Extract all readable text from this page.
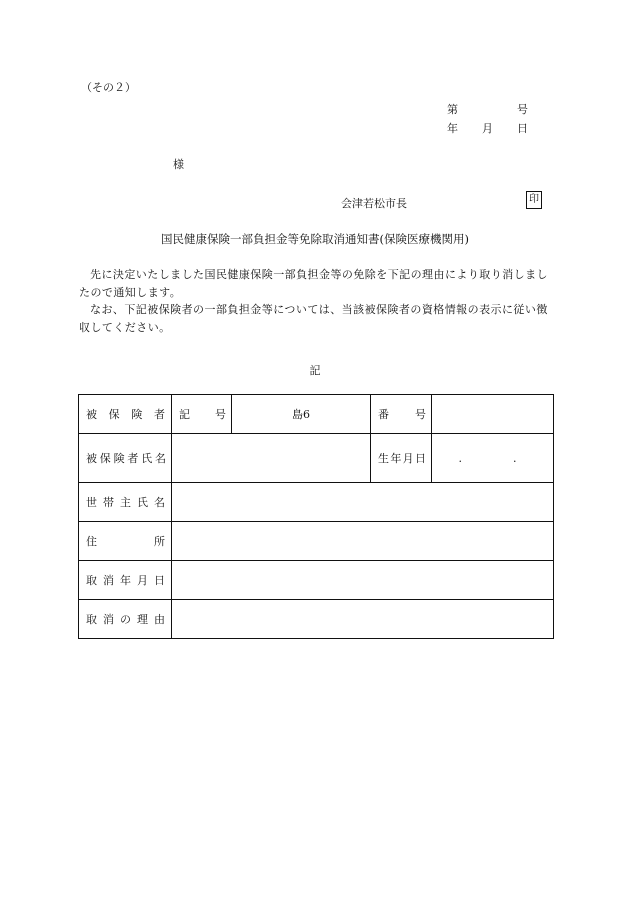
（その２）
第	号
年 月 日
様
会津若松市長	印
国民健康保険一部負担金等免除取消通知書(保険医療機関用)

先に決定いたしました国民健康保険一部負担金等の免除を下記の理由により取り消しましたので通知します。

なお、下記被保険者の一部負担金等については、当該被保険者の資格情報の表示に従い徴収してください。

記
被保険者	記号	島6	番号	
被保険者氏名			生年月日	.　.
世帯主氏名				
住所				
取消年月日				
取消の理由				
